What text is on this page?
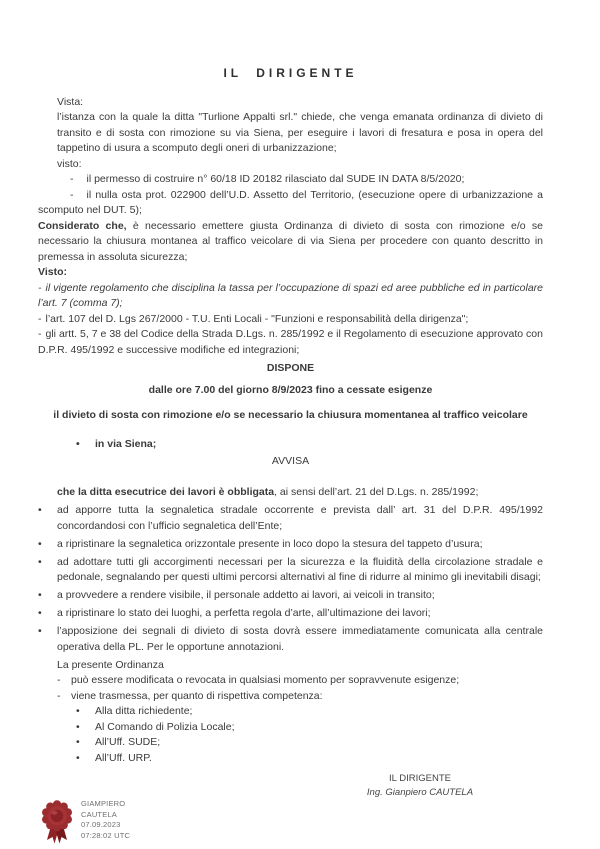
IL DIRIGENTE

Vista:

l’istanza con la quale la ditta "Turlione Appalti srl." chiede, che venga emanata ordinanza di divieto di transito e di sosta con rimozione su via Siena, per eseguire i lavori di fresatura e posa in opera del tappetino di usura a scomputo degli oneri di urbanizzazione;

visto:

- il permesso di costruire n° 60/18 ID 20182 rilasciato dal SUDE IN DATA 8/5/2020;

- il nulla osta prot. 022900 dell’U.D. Assetto del Territorio, (esecuzione opere di urbanizzazione a scomputo nel DUT. 5);

Considerato che, è necessario emettere giusta Ordinanza di divieto di sosta con rimozione e/o se necessario la chiusura montanea al traffico veicolare di via Siena per procedere con quanto descritto in premessa in assoluta sicurezza;

Visto:

- il vigente regolamento che disciplina la tassa per l’occupazione di spazi ed aree pubbliche ed in particolare l’art. 7 (comma 7);

- l’art. 107 del D. Lgs 267/2000 - T.U. Enti Locali - "Funzioni e responsabilità della dirigenza";

- gli artt. 5, 7 e 38 del Codice della Strada D.Lgs. n. 285/1992 e il Regolamento di esecuzione approvato con D.P.R. 495/1992 e successive modifiche ed integrazioni;

DISPONE

dalle ore 7.00 del giorno 8/9/2023 fino a cessate esigenze

il divieto di sosta con rimozione e/o se necessario la chiusura momentanea al traffico veicolare

•	in via Siena;

AVVISA

che la ditta esecutrice dei lavori è obbligata, ai sensi dell’art. 21 del D.Lgs. n. 285/1992;

•	ad apporre tutta la segnaletica stradale occorrente e prevista dall’ art. 31 del D.P.R. 495/1992 concordandosi con l’ufficio segnaletica dell’Ente;
•	a ripristinare la segnaletica orizzontale presente in loco dopo la stesura del tappeto d’usura;
•	ad adottare tutti gli accorgimenti necessari per la sicurezza e la fluidità della circolazione stradale e pedonale, segnalando per questi ultimi percorsi alternativi al fine di ridurre al minimo gli inevitabili disagi;
•	a provvedere a rendere visibile, il personale addetto ai lavori, ai veicoli in transito;
•	a ripristinare lo stato dei luoghi, a perfetta regola d’arte, all’ultimazione dei lavori;
•	l’apposizione dei segnali di divieto di sosta dovrà essere immediatamente comunicata alla centrale operativa della PL. Per le opportune annotazioni.

La presente Ordinanza

-	può essere modificata o revocata in qualsiasi momento per sopravvenute esigenze;
-	viene trasmessa, per quanto di rispettiva competenza:
•	Alla ditta richiedente;
•	Al Comando di Polizia Locale;
•	All’Uff. SUDE;
•	All’Uff. URP.
IL DIRIGENTE
Ing. Gianpiero CAUTELA
GIAMPIERO
CAUTELA
07.09.2023
07:28:02 UTC
